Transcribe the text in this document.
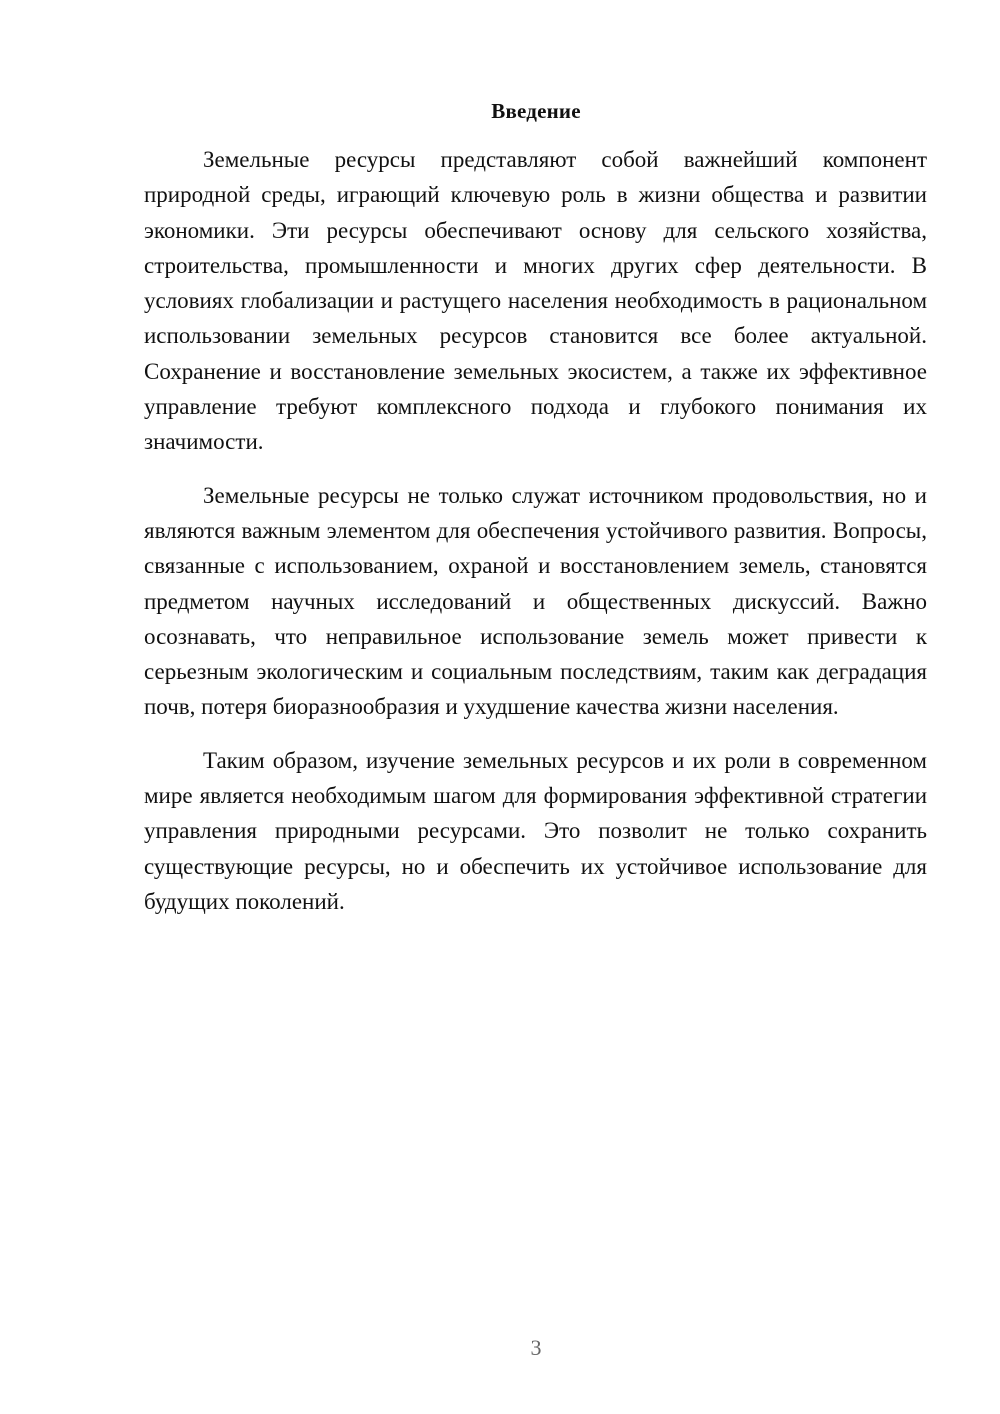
Введение

Земельные ресурсы представляют собой важнейший компонент природной среды, играющий ключевую роль в жизни общества и развитии экономики. Эти ресурсы обеспечивают основу для сельского хозяйства, строительства, промышленности и многих других сфер деятельности. В условиях глобализации и растущего населения необходимость в рациональном использовании земельных ресурсов становится все более актуальной. Сохранение и восстановление земельных экосистем, а также их эффективное управление требуют комплексного подхода и глубокого понимания их значимости.

Земельные ресурсы не только служат источником продовольствия, но и являются важным элементом для обеспечения устойчивого развития. Вопросы, связанные с использованием, охраной и восстановлением земель, становятся предметом научных исследований и общественных дискуссий. Важно осознавать, что неправильное использование земель может привести к серьезным экологическим и социальным последствиям, таким как деградация почв, потеря биоразнообразия и ухудшение качества жизни населения.

Таким образом, изучение земельных ресурсов и их роли в современном мире является необходимым шагом для формирования эффективной стратегии управления природными ресурсами. Это позволит не только сохранить существующие ресурсы, но и обеспечить их устойчивое использование для будущих поколений.

3
